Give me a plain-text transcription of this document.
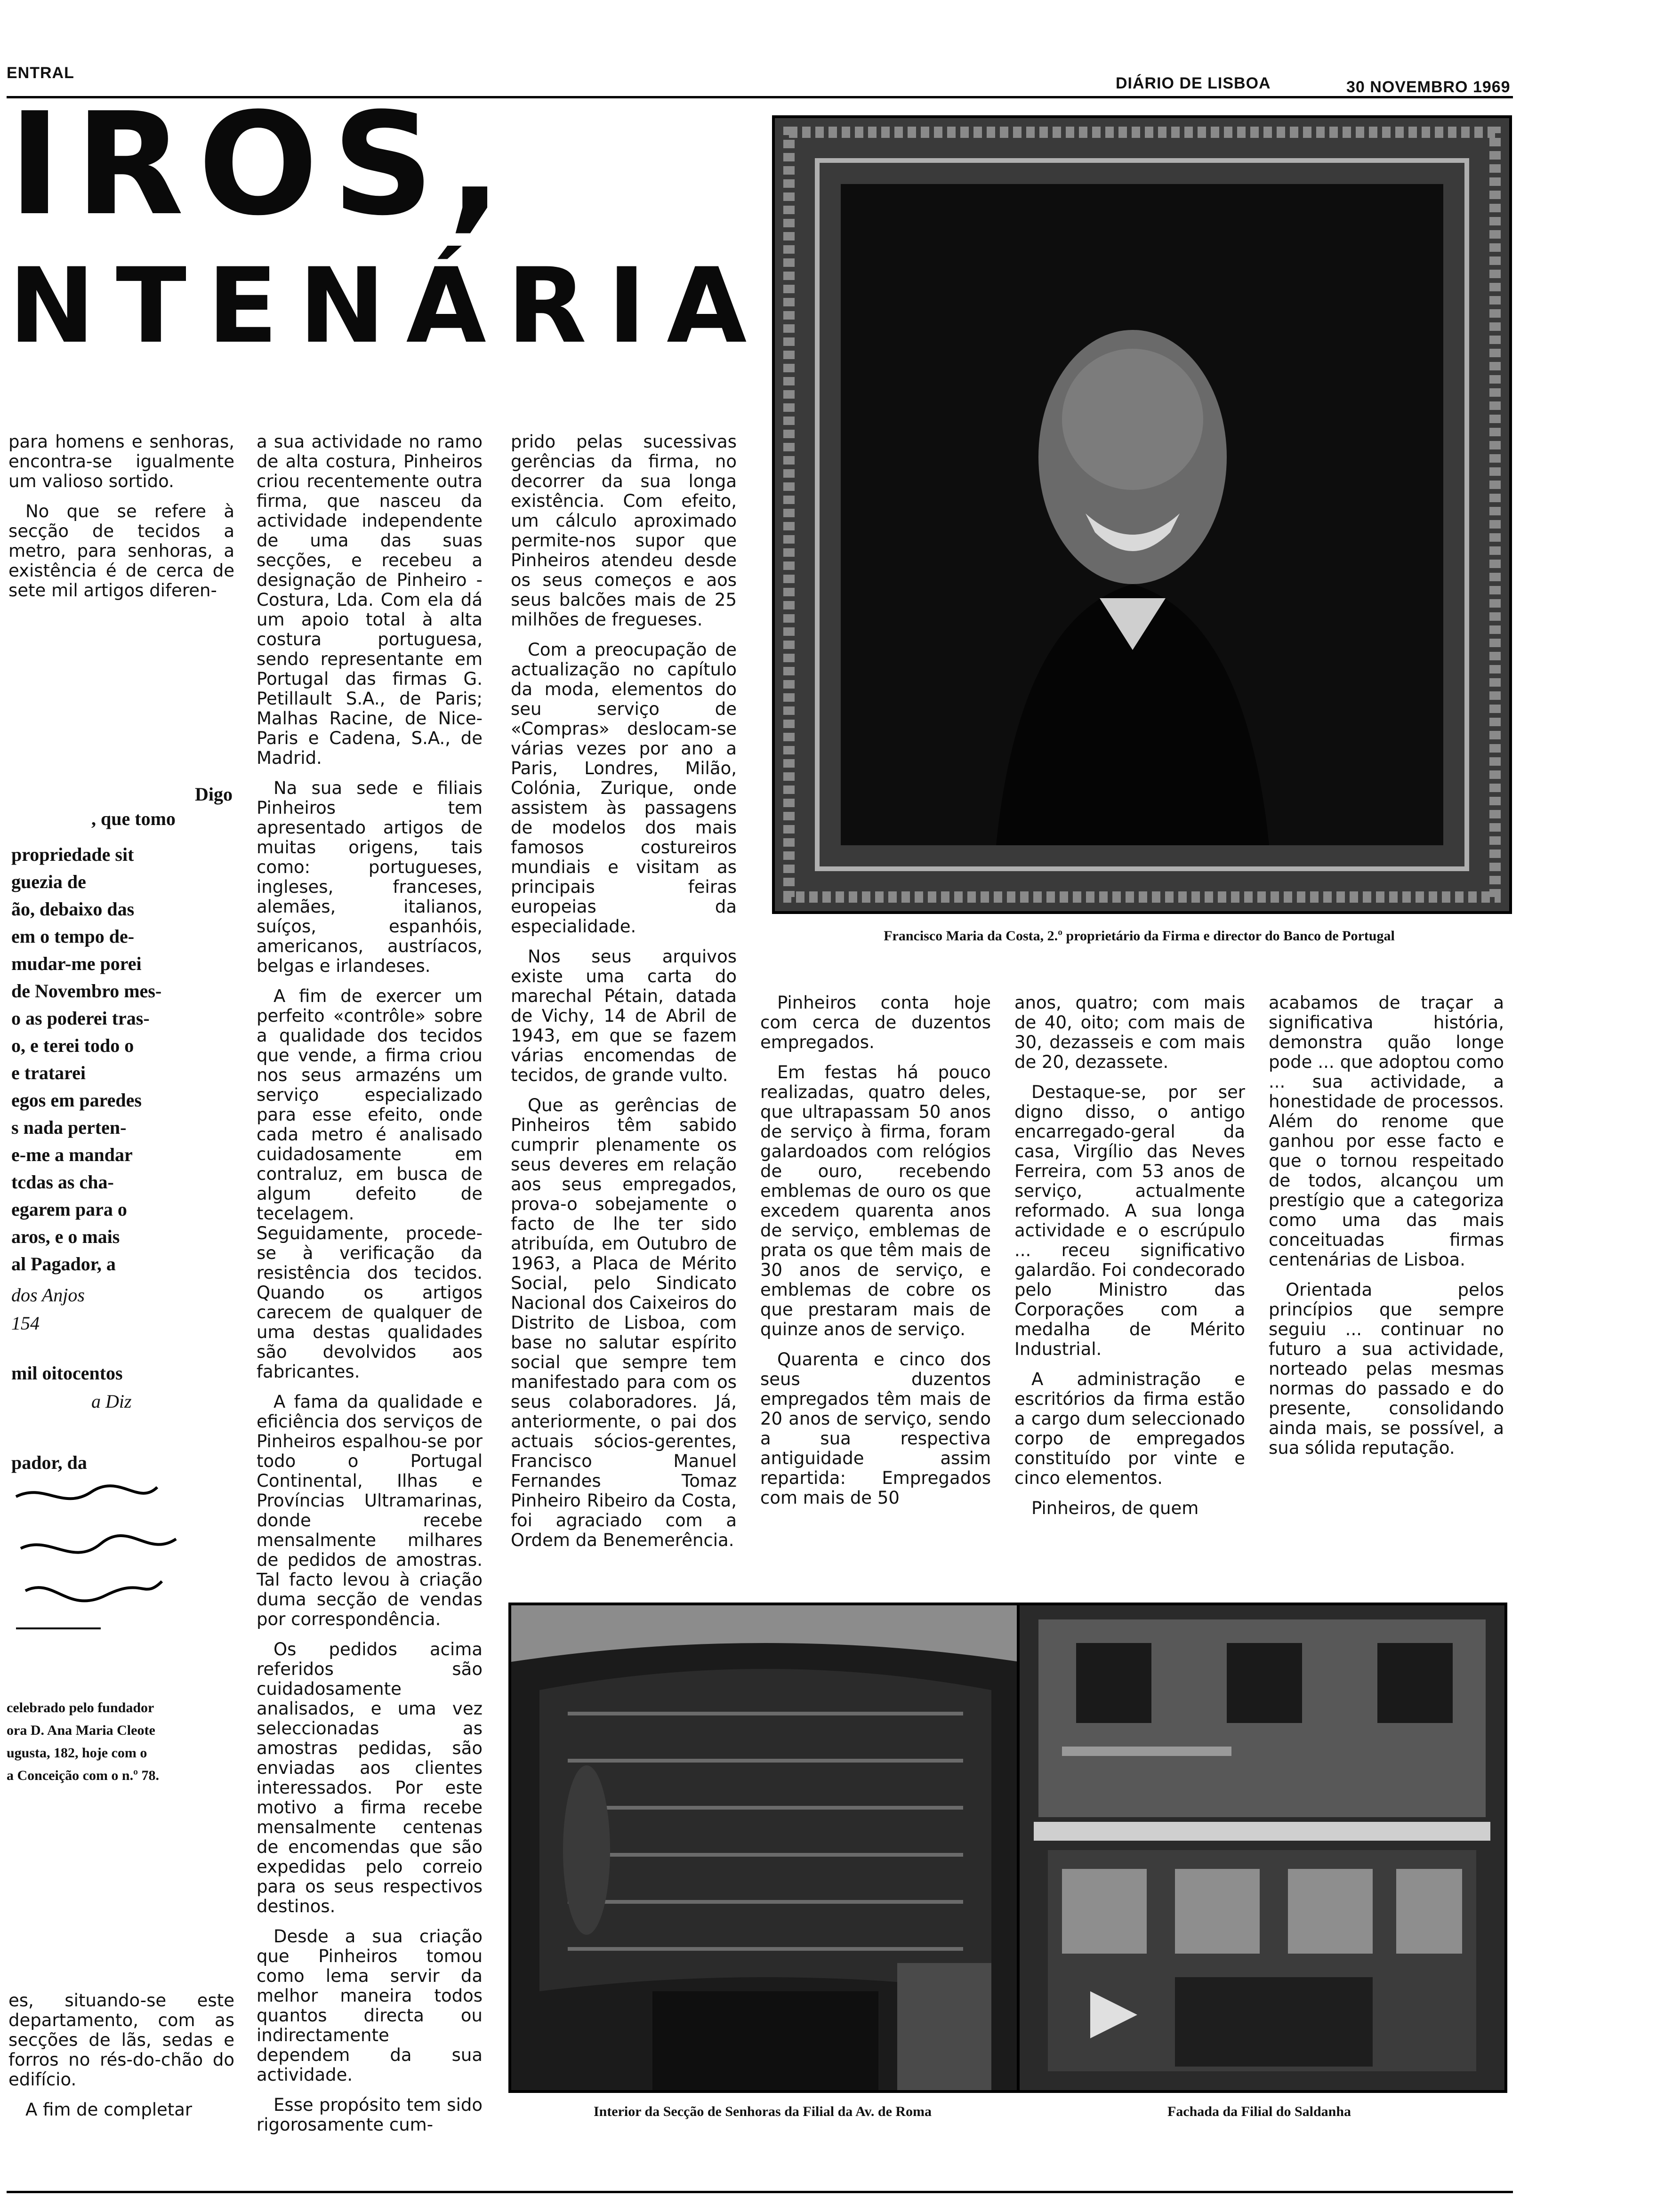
ENTRAL
DIÁRIO DE LISBOA	30 NOVEMBRO 1969
IROS,
NTENÁRIA

para homens e senhoras, encontra-se igualmente um valioso sortido.

No que se refere à secção de tecidos a metro, para senhoras, a existência é de cerca de sete mil artigos diferen-

Digo
, que tomo
propriedade sit
guezia de
ão, debaixo das
em o tempo de-
mudar-me porei
de Novembro mes-
o as poderei tras-
o, e terei todo o
e tratarei
egos em paredes
s nada perten-
e-me a mandar
tcdas as cha-
egarem para o
aros, e o mais
al Pagador, a
dos Anjos
154
mil oitocentos
a Diz
pador, da
celebrado pelo fundador
ora D. Ana Maria Cleote
ugusta, 182, hoje com o
a Conceição com o n.º 78.

es, situando-se este departamento, com as secções de lãs, sedas e forros no rés-do-chão do edifício.

A fim de completar

a sua actividade no ramo de alta costura, Pinheiros criou recentemente outra firma, que nasceu da actividade independente de uma das suas secções, e recebeu a designação de Pinheiro - Costura, Lda. Com ela dá um apoio total à alta costura portuguesa, sendo representante em Portugal das firmas G. Petillault S.A., de Paris; Malhas Racine, de Nice-Paris e Cadena, S.A., de Madrid.

Na sua sede e filiais Pinheiros tem apresentado artigos de muitas origens, tais como: portugueses, ingleses, franceses, alemães, italianos, suíços, espanhóis, americanos, austríacos, belgas e irlandeses.

A fim de exercer um perfeito «contrôle» sobre a qualidade dos tecidos que vende, a firma criou nos seus armazéns um serviço especializado para esse efeito, onde cada metro é analisado cuidadosamente em contraluz, em busca de algum defeito de tecelagem. Seguidamente, procede-se à verificação da resistência dos tecidos. Quando os artigos carecem de qualquer de uma destas qualidades são devolvidos aos fabricantes.

A fama da qualidade e eficiência dos serviços de Pinheiros espalhou-se por todo o Portugal Continental, Ilhas e Províncias Ultramarinas, donde recebe mensalmente milhares de pedidos de amostras. Tal facto levou à criação duma secção de vendas por correspondência.

Os pedidos acima referidos são cuidadosamente analisados, e uma vez seleccionadas as amostras pedidas, são enviadas aos clientes interessados. Por este motivo a firma recebe mensalmente centenas de encomendas que são expedidas pelo correio para os seus respectivos destinos.

Desde a sua criação que Pinheiros tomou como lema servir da melhor maneira todos quantos directa ou indirectamente dependem da sua actividade.

Esse propósito tem sido rigorosamente cum-

prido pelas sucessivas gerências da firma, no decorrer da sua longa existência. Com efeito, um cálculo aproximado permite-nos supor que Pinheiros atendeu desde os seus começos e aos seus balcões mais de 25 milhões de fregueses.

Com a preocupação de actualização no capítulo da moda, elementos do seu serviço de «Compras» deslocam-se várias vezes por ano a Paris, Londres, Milão, Colónia, Zurique, onde assistem às passagens de modelos dos mais famosos costureiros mundiais e visitam as principais feiras europeias da especialidade.

Nos seus arquivos existe uma carta do marechal Pétain, datada de Vichy, 14 de Abril de 1943, em que se fazem várias encomendas de tecidos, de grande vulto.

Que as gerências de Pinheiros têm sabido cumprir plenamente os seus deveres em relação aos seus empregados, prova-o sobejamente o facto de lhe ter sido atribuída, em Outubro de 1963, a Placa de Mérito Social, pelo Sindicato Nacional dos Caixeiros do Distrito de Lisboa, com base no salutar espírito social que sempre tem manifestado para com os seus colaboradores. Já, anteriormente, o pai dos actuais sócios-gerentes, Francisco Manuel Fernandes Tomaz Pinheiro Ribeiro da Costa, foi agraciado com a Ordem da Benemerência.

Francisco Maria da Costa, 2.º proprietário da Firma e director do Banco de Portugal

Pinheiros conta hoje com cerca de duzentos empregados.

Em festas há pouco realizadas, quatro deles, que ultrapassam 50 anos de serviço à firma, foram galardoados com relógios de ouro, recebendo emblemas de ouro os que excedem quarenta anos de serviço, emblemas de prata os que têm mais de 30 anos de serviço, e emblemas de cobre os que prestaram mais de quinze anos de serviço.

Quarenta e cinco dos seus duzentos empregados têm mais de 20 anos de serviço, sendo a sua respectiva antiguidade assim repartida: Empregados com mais de 50

anos, quatro; com mais de 40, oito; com mais de 30, dezasseis e com mais de 20, dezassete.

Destaque-se, por ser digno disso, o antigo encarregado-geral da casa, Virgílio das Neves Ferreira, com 53 anos de serviço, actualmente reformado. A sua longa actividade e o escrúpulo ... receu significativo galardão. Foi condecorado pelo Ministro das Corporações com a medalha de Mérito Industrial.

A administração e escritórios da firma estão a cargo dum seleccionado corpo de empregados constituído por vinte e cinco elementos.

Pinheiros, de quem

acabamos de traçar a significativa história, demonstra quão longe pode ... que adoptou como ... sua actividade, a honestidade de processos. Além do renome que ganhou por esse facto e que o tornou respeitado de todos, alcançou um prestígio que a categoriza como uma das mais conceituadas firmas centenárias de Lisboa.

Orientada pelos princípios que sempre seguiu ... continuar no futuro a sua actividade, norteado pelas mesmas normas do passado e do presente, consolidando ainda mais, se possível, a sua sólida reputação.

Interior da Secção de Senhoras da Filial da Av. de Roma	Fachada da Filial do Saldanha
